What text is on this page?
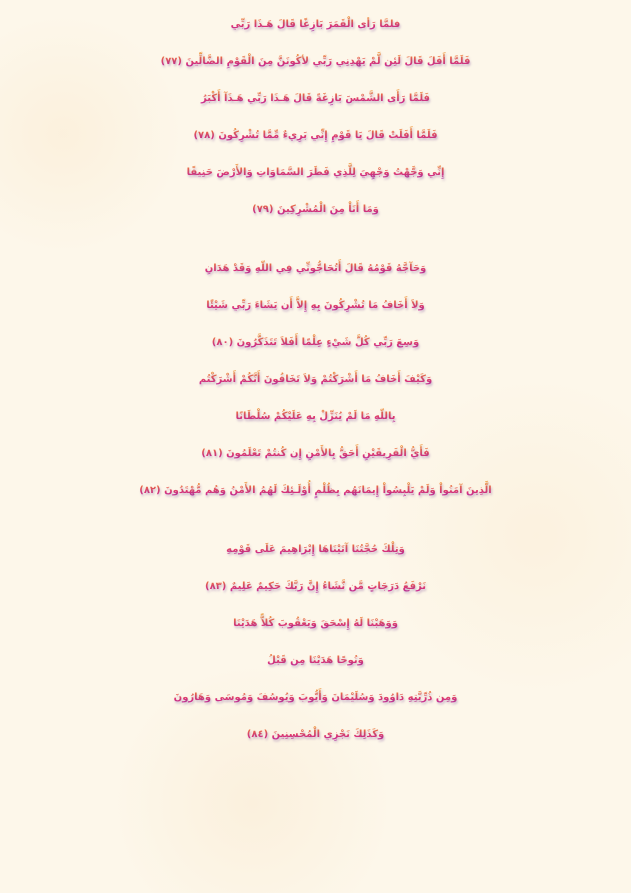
فلمَّا رَأى الْقَمَرَ بَازِغًا قَالَ هَـذَا رَبِّي
فَلَمَّا أَفَلَ قَالَ لَئِن لَّمْ يَهْدِنِي رَبِّي لأكُونَنَّ مِنَ الْقَوْمِ الضَّالِّينَ (٧٧)
فَلَمَّا رَأَى الشَّمْسَ بَازِغَةً قَالَ هَـذَا رَبِّي هَـذَآ أَكْبَرُ
فَلَمَّا أَفَلَتْ قَالَ يَا قَوْمِ إِنِّي بَرِيءٌ مِّمَّا تُشْرِكُونَ (٧٨)
إِنِّي وَجَّهْتُ وَجْهِيَ لِلَّذِي فَطَرَ السَّمَاوَاتِ وَالأَرْضَ حَنِيفًا
وَمَا أَنَاْ مِنَ الْمُشْرِكِينَ (٧٩)
وَحَآجَّهُ قَوْمُهُ قَالَ أَتُحَاجُّونِّي فِي اللّهِ وَقَدْ هَدَانِ
وَلاَ أَخَافُ مَا تُشْرِكُونَ بِهِ إِلاَّ أَن يَشَاءَ رَبِّي شَيْئًا
وَسِعَ رَبِّي كُلَّ شَيْءٍ عِلْمًا أَفَلاَ تَتَذَكَّرُونَ (٨٠)
وَكَيْفَ أَخَافُ مَا أَشْرَكْتُمْ وَلاَ تَخَافُونَ أَنَّكُمْ أَشْرَكْتُم
بِاللّهِ مَا لَمْ يُنَزِّلْ بِهِ عَلَيْكُمْ سُلْطَانًا
فَأَيُّ الْفَرِيقَيْنِ أَحَقُّ بِالأَمْنِ إِن كُنتُمْ تَعْلَمُونَ (٨١)
الَّذِينَ آمَنُواْ وَلَمْ يَلْبِسُواْ إِيمَانَهُم بِظُلْمٍ أُوْلَـئِكَ لَهُمُ الأَمْنُ وَهُم مُّهْتَدُونَ (٨٢)
وَتِلْكَ حُجَّتُنَا آتَيْنَاهَا إِبْرَاهِيمَ عَلَى قَوْمِهِ
نَرْفَعُ دَرَجَاتٍ مَّن نَّشَاءُ إِنَّ رَبَّكَ حَكِيمٌ عَلِيمٌ (٨٣)
وَوَهَبْنَا لَهُ إِسْحَقَ وَيَعْقُوبَ كُلاًّ هَدَيْنَا
وَنُوحًا هَدَيْنَا مِن قَبْلُ
وَمِن ذُرِّيَّتِهِ دَاوُودَ وَسُلَيْمَانَ وَأَيُّوبَ وَيُوسُفَ وَمُوسَى وَهَارُونَ
وَكَذَلِكَ نَجْزِي الْمُحْسِنِينَ (٨٤)
